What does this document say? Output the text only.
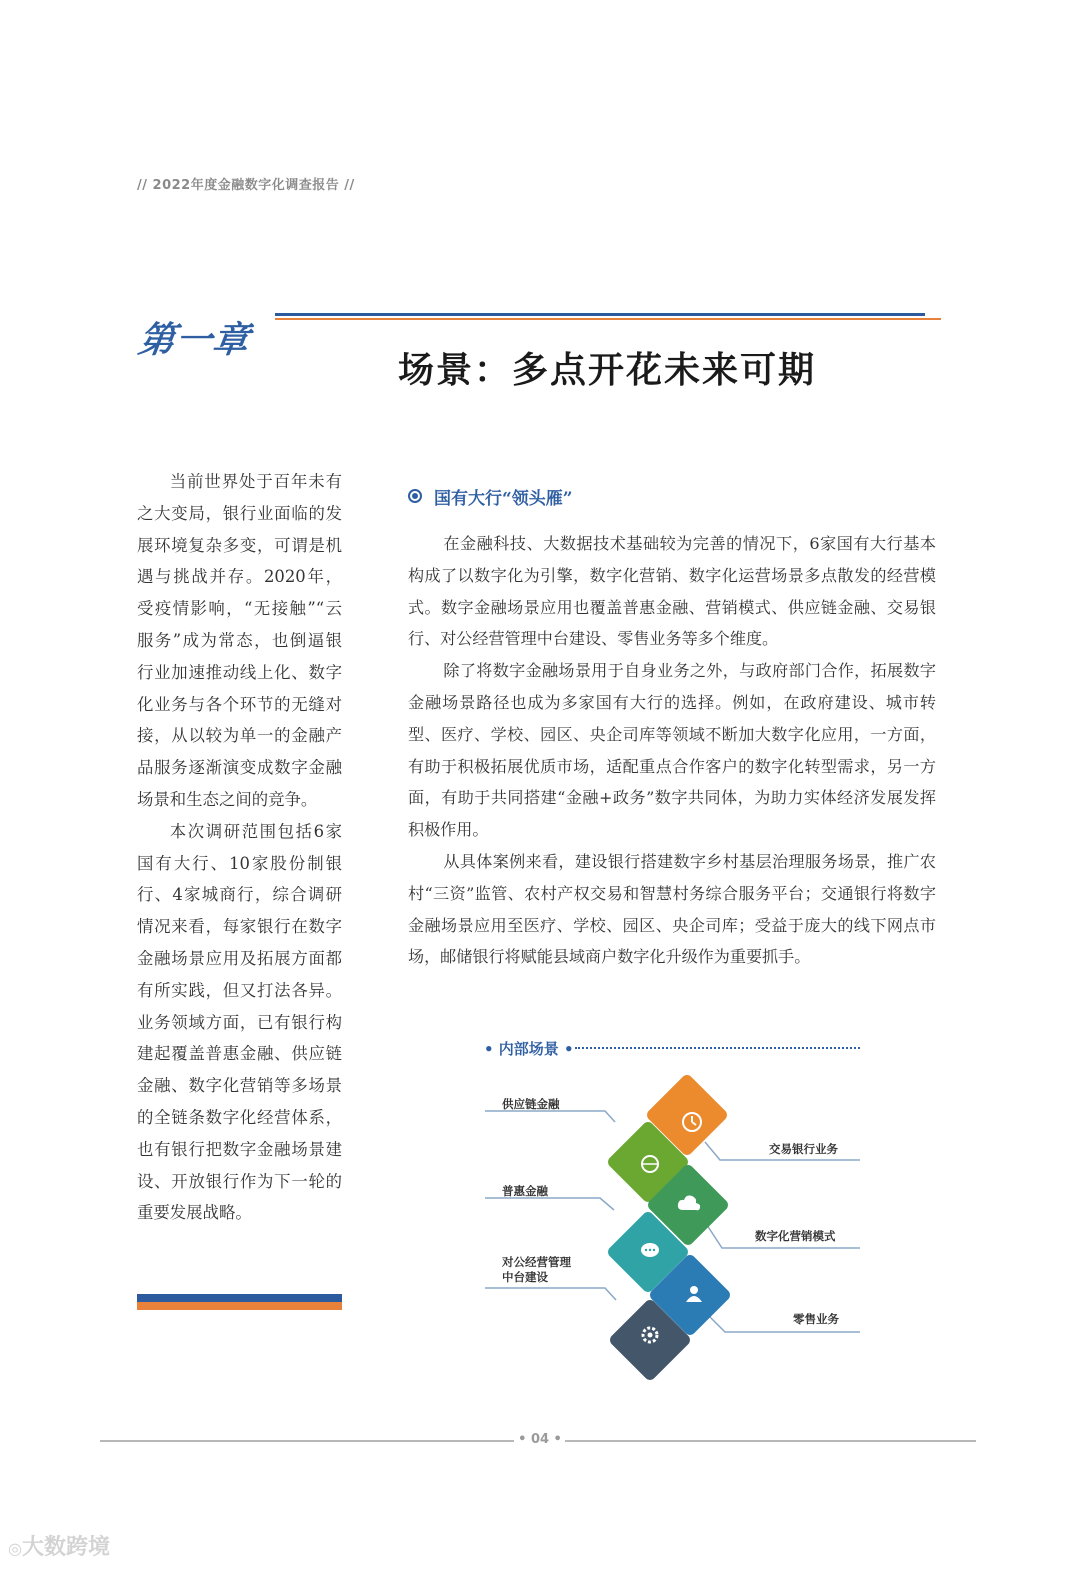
// 2022年度金融数字化调查报告 //
第一章
场景：多点开花未来可期

当前世界处于百年未有之大变局，银行业面临的发展环境复杂多变，可谓是机遇与挑战并存。2020年，受疫情影响，“无接触”“云服务”成为常态，也倒逼银行业加速推动线上化、数字化业务与各个环节的无缝对接，从以较为单一的金融产品服务逐渐演变成数字金融场景和生态之间的竞争。

本次调研范围包括6家国有大行、10家股份制银行、4家城商行，综合调研情况来看，每家银行在数字金融场景应用及拓展方面都有所实践，但又打法各异。业务领域方面，已有银行构建起覆盖普惠金融、供应链金融、数字化营销等多场景的全链条数字化经营体系，也有银行把数字金融场景建设、开放银行作为下一轮的重要发展战略。

国有大行“领头雁”

在金融科技、大数据技术基础较为完善的情况下，6家国有大行基本构成了以数字化为引擎，数字化营销、数字化运营场景多点散发的经营模式。数字金融场景应用也覆盖普惠金融、营销模式、供应链金融、交易银行、对公经营管理中台建设、零售业务等多个维度。

除了将数字金融场景用于自身业务之外，与政府部门合作，拓展数字金融场景路径也成为多家国有大行的选择。例如，在政府建设、城市转型、医疗、学校、园区、央企司库等领域不断加大数字化应用，一方面，有助于积极拓展优质市场，适配重点合作客户的数字化转型需求，另一方面，有助于共同搭建“金融+政务”数字共同体，为助力实体经济发展发挥积极作用。

从具体案例来看，建设银行搭建数字乡村基层治理服务场景，推广农村“三资”监管、农村产权交易和智慧村务综合服务平台；交通银行将数字金融场景应用至医疗、学校、园区、央企司库；受益于庞大的线下网点市场，邮储银行将赋能县域商户数字化升级作为重要抓手。

• 内部场景 •
供应链金融
普惠金融
对公经营管理
中台建设
交易银行业务
数字化营销模式
零售业务
• 04 •
◎大数跨境
